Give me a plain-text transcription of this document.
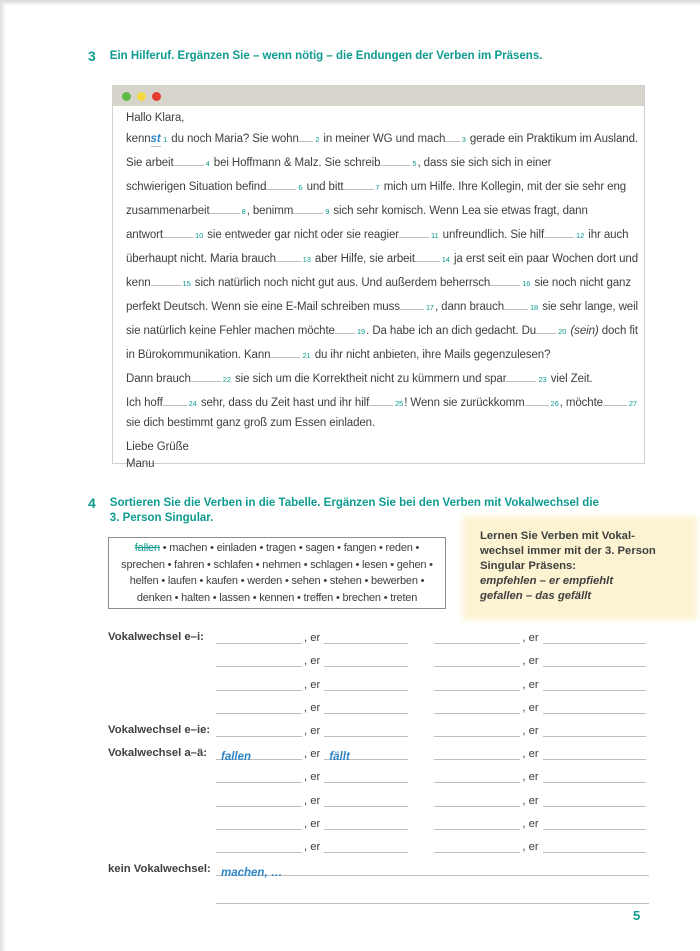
3 Ein Hilferuf. Ergänzen Sie – wenn nötig – die Endungen der Verben im Präsens.
Hallo Klara,
kenn st 1 du noch Maria? Sie wohn 2 in meiner WG und mach 3 gerade ein Praktikum im Ausland.
Sie arbeit	4 bei Hoffmann & Malz. Sie schreib	5 , dass sie sich sich in einer
schwierigen Situation befind	6 und bitt	7 mich um Hilfe. Ihre Kollegin, mit der sie sehr eng
zusammenarbeit	8 , benimm	9 sich sehr komisch. Wenn Lea sie etwas fragt, dann
antwort	10 sie entweder gar nicht oder sie reagier	11 unfreundlich. Sie hilf	12 ihr auch
überhaupt nicht. Maria brauch	13 aber Hilfe, sie arbeit	14 ja erst seit ein paar Wochen dort und
kenn	15 sich natürlich noch nicht gut aus. Und außerdem beherrsch	16 sie noch nicht ganz
perfekt Deutsch. Wenn sie eine E-Mail schreiben muss	17 , dann brauch	18 sie sehr lange, weil
sie natürlich keine Fehler machen möchte	19 . Da habe ich an dich gedacht. Du	20
(sein) doch fit
in Bürokommunikation. Kann	21 du ihr nicht anbieten, ihre Mails gegenzulesen?
Dann brauch	22 sie sich um die Korrektheit nicht zu kümmern und spar	23 viel Zeit.
Ich hoff	24 sehr, dass du Zeit hast und ihr hilf	25 ! Wenn sie zurückkomm	26 , möchte	27
sie dich bestimmt ganz groß zum Essen einladen.
Liebe Grüße
Manu
4 Sortieren Sie die Verben in die Tabelle. Ergänzen Sie bei den Verben mit Vokalwechsel die
3. Person Singular.
fallen • machen • einladen • tragen • sagen • fangen • reden •
sprechen • fahren • schlafen • nehmen • schlagen • lesen • gehen •
helfen • laufen • kaufen • werden • sehen • stehen • bewerben •
denken • halten • lassen • kennen • treffen • brechen • treten
Lernen Sie Verben mit Vokal-
wechsel immer mit der 3. Person
Singular Präsens:
empfehlen – er empfiehlt
gefallen – das gefällt
Vokalwechsel e–i:	, er	, er
, er	, er
, er	, er
, er	, er
Vokalwechsel e–ie:	, er	, er
Vokalwechsel a–ä:	fallen	, er fällt	, er
, er	, er
, er	, er
, er	, er
, er	, er
kein Vokalwechsel: machen, …
5
